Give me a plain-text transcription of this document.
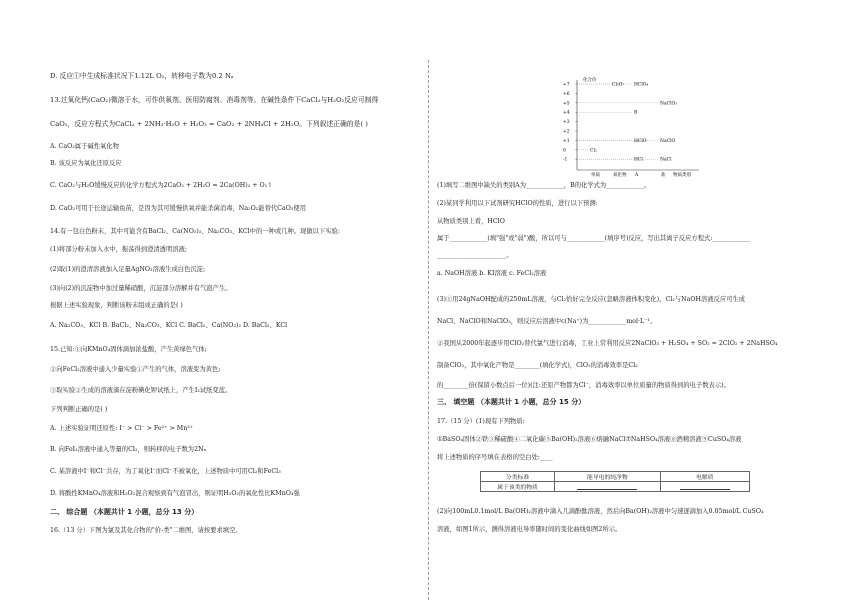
D. 反应①中生成标准状况下1.12L O₂，转移电子数为0.2 Nₐ
13.过氧化钙(CaO₂)微溶于水，可作供氧剂、医用防腐剂、消毒剂等。在碱性条件下CaCl₂与H₂O₂反应可制得
CaO₂，反应方程式为CaCl₂ + 2NH₃·H₂O + H₂O₂ = CaO₂ + 2NH₄Cl + 2H₂O。下列叙述正确的是( )
A. CaO₂属于碱性氧化物
B. 该反应为氧化还原反应
C. CaO₂与H₂O缓慢反应的化学方程式为2CaO₂ + 2H₂O = 2Ca(OH)₂ + O₂↑
D. CaO₂可用于长途运输鱼苗，是因为其可缓慢供氧并能杀菌消毒，Na₂O₂能替代CaO₂使用
14.有一包白色粉末，其中可能含有BaCl₂、Ca(NO₃)₂、Na₂CO₃、KCl中的一种或几种。现做以下实验:
(1)将部分粉末加入水中，振荡得到澄清透明溶液;
(2)取(1)的澄清溶液加入足量AgNO₃溶液生成白色沉淀;
(3)向(2)的沉淀物中加过量稀硝酸，沉淀部分溶解并有气泡产生。
根据上述实验现象，判断该粉末组成正确的是( )
A. Na₂CO₃、KCl B. BaCl₂、Na₂CO₃、KCl C. BaCl₂、Ca(NO₃)₂ D. BaCl₂、KCl
15.已知:①向KMnO₄固体滴加浓盐酸，产生黄绿色气体;
②向FeCl₂溶液中通入少量实验①产生的气体，溶液变为黄色;
③取实验②生成的溶液滴在淀粉碘化钾试纸上，产生I₂试纸变蓝。
下列判断正确的是( )
A. 上述实验证明还原性: I⁻ > Cl⁻ > Fe²⁺ > Mn²⁺
B. 向FeI₂溶液中通入等量的Cl₂，则转移的电子数为2Nₐ
C. 某溶液中I⁻和Cl⁻共存，为了氧化I⁻而Cl⁻不被氧化，上述物质中可用Cl₂和FeCl₃
D. 将酸性KMnO₄溶液和H₂O₂混合观察到有气泡冒出，则证明H₂O₂的氧化性比KMnO₄强
二、 综合题 （本题共计 1 小题，总分 13 分）
16.（13 分）下图为氯及其化合物的"价-类"二维图，请按要求填空。
化合价
物质类别
+7
+6
+5
+4
+3
+2
+1
0
-1
单质	氧化物 A	盐
Cl₂O₇ HClO₄
NaClO₃
B
HClO	NaClO
Cl₂
HCl	NaCl
(1)填写二维图中缺失的类别A为____________，B的化学式为____________。
(2)某同学利用以下试剂研究HClO的性质，进行以下预测:
从物质类别上看，HClO
属于____________(填"强"或"弱")酸，所以可与____________(填序号)反应，写出其离子反应方程式:____________
______________________。
a. NaOH溶液 b. KI溶液 c. FeCl₂溶液
(3)①用24gNaOH配成的250mL溶液，与Cl₂恰好完全反应(忽略溶液体积变化)，Cl₂与NaOH溶液反应可生成
NaCl、NaClO和NaClO₃，则反应后溶液中c(Na⁺)为____________mol·L⁻¹。
②我国从2000年起逐步用ClO₂替代氯气进行消毒，工业上常利用反应2NaClO₃ + H₂SO₄ + SO₂ = 2ClO₂ + 2NaHSO₄
制备ClO₂，其中氧化产物是________(填化学式)，ClO₂的消毒效率是Cl₂
的________倍(保留小数点后一位)(注:还原产物都为Cl⁻，消毒效率以单位质量的物质得到的电子数表示)。
三、 填空题 （本题共计 1 小题，总分 15 分）
17.（15 分）(1)现有下列物质:
①BaSO₄固体②铁③稀硫酸④二氧化碳⑤Ba(OH)₂溶液⑥熔融NaCl⑦NaHSO₄溶液⑧酒精溶液⑨CuSO₄溶液
将上述物质的序号填在表格的空白处:____
分类标准	能导电的纯净物	电解质
属于该类的物质		
(2)向100mL0.1mol/L Ba(OH)₂溶液中滴入几滴酚酞溶液，然后向Ba(OH)₂溶液中匀速逐滴加入0.05mol/L CuSO₄
溶液，如图1所示，测得溶液电导率随时间的变化曲线如图2所示。
